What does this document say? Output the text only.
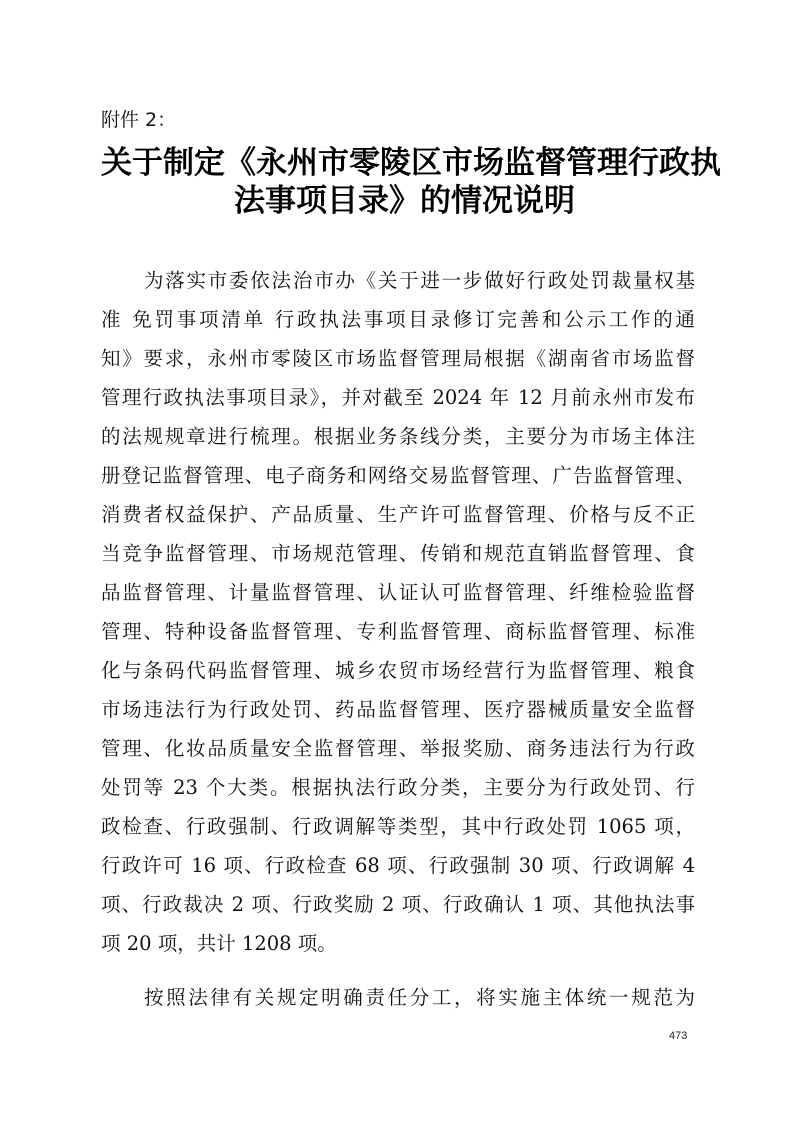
附件 2：
关于制定《永州市零陵区市场监督管理行政执
法事项目录》的情况说明
为落实市委依法治市办《关于进一步做好行政处罚裁量权基
准 免罚事项清单 行政执法事项目录修订完善和公示工作的通
知》要求，永州市零陵区市场监督管理局根据《湖南省市场监督
管理行政执法事项目录》，并对截至 2024 年 12 月前永州市发布
的法规规章进行梳理。根据业务条线分类，主要分为市场主体注
册登记监督管理、电子商务和网络交易监督管理、广告监督管理、
消费者权益保护、产品质量、生产许可监督管理、价格与反不正
当竞争监督管理、市场规范管理、传销和规范直销监督管理、食
品监督管理、计量监督管理、认证认可监督管理、纤维检验监督
管理、特种设备监督管理、专利监督管理、商标监督管理、标准
化与条码代码监督管理、城乡农贸市场经营行为监督管理、粮食
市场违法行为行政处罚、药品监督管理、医疗器械质量安全监督
管理、化妆品质量安全监督管理、举报奖励、商务违法行为行政
处罚等 23 个大类。根据执法行政分类，主要分为行政处罚、行
政检查、行政强制、行政调解等类型，其中行政处罚 1065 项，
行政许可 16 项、行政检查 68 项、行政强制 30 项、行政调解 4
项、行政裁决 2 项、行政奖励 2 项、行政确认 1 项、其他执法事
项 20 项，共计 1208 项。
按照法律有关规定明确责任分工，将实施主体统一规范为
473
